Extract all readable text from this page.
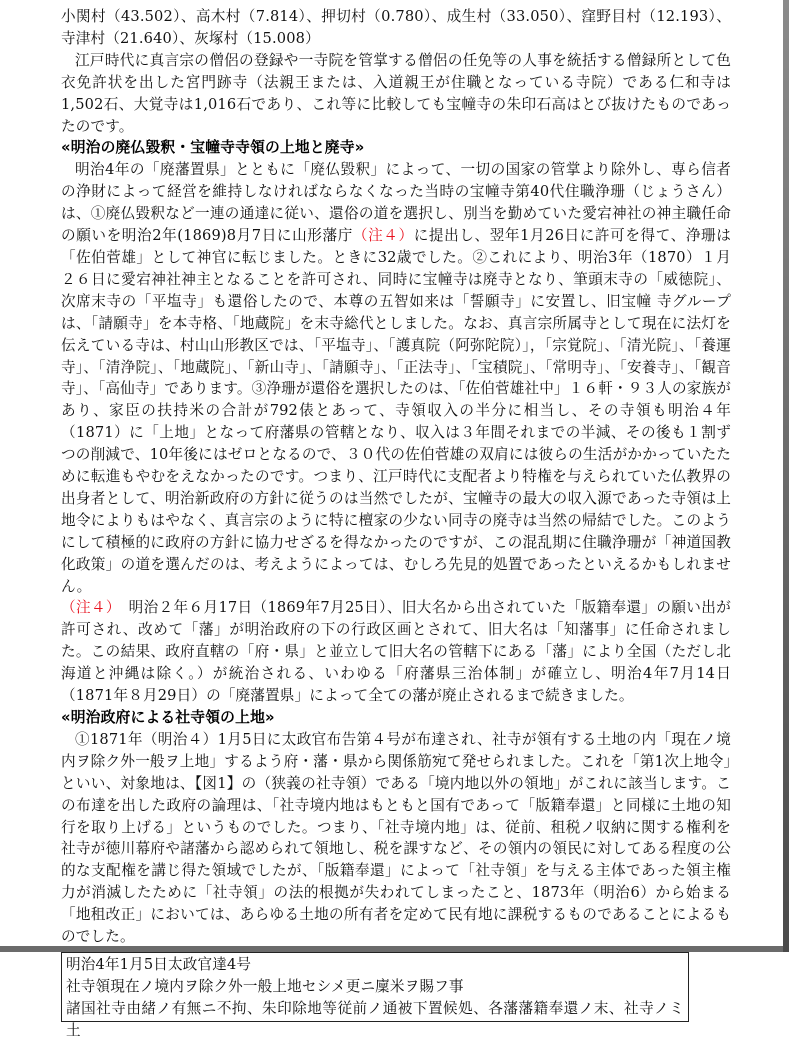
小関村（43.502）、高木村（7.814）、押切村（0.780）、成生村（33.050）、窪野目村（12.193）、寺津村（21.640）、灰塚村（15.008）

江戸時代に真言宗の僧侶の登録や一寺院を管掌する僧侶の任免等の人事を統括する僧録所として色衣免許状を出した宮門跡寺（法親王または、入道親王が住職となっている寺院）である仁和寺は1,502石、大覚寺は1,016石であり、これ等に比較しても宝幢寺の朱印石高はとび抜けたものであったのです。

«明治の廃仏毀釈・宝幢寺寺領の上地と廃寺»

明治4年の「廃藩置県」とともに「廃仏毀釈」によって、一切の国家の管掌より除外し、専ら信者の浄財によって経営を維持しなければならなくなった当時の宝幢寺第40代住職浄珊（じょうさん）は、①廃仏毀釈など一連の通達に従い、還俗の道を選択し、別当を勤めていた愛宕神社の神主職任命の願いを明治2年(1869)8月7日に山形藩庁（注４）に提出し、翌年1月26日に許可を得て、浄珊は「佐伯菅雄」として神官に転じました。ときに32歳でした。②これにより、明治3年（1870）１月２６日に愛宕神社神主となることを許可され、同時に宝幢寺は廃寺となり、筆頭末寺の「威徳院」、次席末寺の「平塩寺」も還俗したので、本尊の五智如来は「誓願寺」に安置し、旧宝幢 寺グループは、「請願寺」を本寺格、「地蔵院」を末寺総代としました。なお、真言宗所属寺として現在に法灯を伝えている寺は、村山山形教区では、「平塩寺」、「護真院（阿弥陀院）」，「宗覚院」、「清光院」、「養運寺」、「清浄院」、「地蔵院」、「新山寺」、「請願寺」、「正法寺」、「宝積院」、「常明寺」、「安養寺」、「観音寺」、「高仙寺」であります。③浄珊が還俗を選択したのは、「佐伯菅雄社中」１６軒・９３人の家族があり、家臣の扶持米の合計が792俵とあって、寺領収入の半分に相当し、その寺領も明治４年（1871）に「上地」となって府藩県の管轄となり、収入は３年間それまでの半減、その後も１割ずつの削減で、10年後にはゼロとなるので、３０代の佐伯菅雄の双肩には彼らの生活がかかっていたために転進もやむをえなかったのです。つまり、江戸時代に支配者より特権を与えられていた仏教界の出身者として、明治新政府の方針に従うのは当然でしたが、宝幢寺の最大の収入源であった寺領は上地令によりもはやなく、真言宗のように特に檀家の少ない同寺の廃寺は当然の帰結でした。このようにして積極的に政府の方針に協力せざるを得なかったのですが、この混乱期に住職浄珊が「神道国教化政策」の道を選んだのは、考えようによっては、むしろ先見的処置であったといえるかもしれません。

（注４）　 明治２年６月17日（1869年7月25日）、旧大名から出されていた「版籍奉還」の願い出が許可され、改めて「藩」が明治政府の下の行政区画とされて、旧大名は「知藩事」に任命されました。この結果、政府直轄の「府・県」と並立して旧大名の管轄下にある「藩」により全国（ただし北海道と沖縄は除く。）が統治される、いわゆる「府藩県三治体制」が確立し、明治4年7月14日（1871年８月29日）の「廃藩置県」によって全ての藩が廃止されるまで続きました。

«明治政府による社寺領の上地»

①1871年（明治４）1月5日に太政官布告第４号が布達され、社寺が領有する土地の内「現在ノ境内ヲ除ク外一般ヲ上地」するよう府・藩・県から関係筋宛て発せられました。これを「第1次上地令」といい、対象地は、【図1】の（狭義の社寺領）である「境内地以外の領地」がこれに該当します。この布達を出した政府の論理は、「社寺境内地はもともと国有であって「版籍奉還」と同様に土地の知行を取り上げる」というものでした。つまり、「社寺境内地」は、従前、租税ノ収納に関する権利を社寺が徳川幕府や諸藩から認められて領地し、税を課すなど、その領内の領民に対してある程度の公的な支配権を講じ得た領域でしたが、「版籍奉還」によって「社寺領」を与える主体であった領主権力が消滅したために「社寺領」の法的根拠が失われてしまったこと、1873年（明治6）から始まる「地租改正」においては、あらゆる土地の所有者を定めて民有地に課税するものであることによるものでした。

明治4年1月5日太政官達4号
社寺領現在ノ境内ヲ除ク外一般上地セシメ更ニ廩米ヲ賜フ事
諸国社寺由緒ノ有無ニ不拘、朱印除地等従前ノ通被下置候処、各藩藩籍奉還ノ末、社寺ノミ土
